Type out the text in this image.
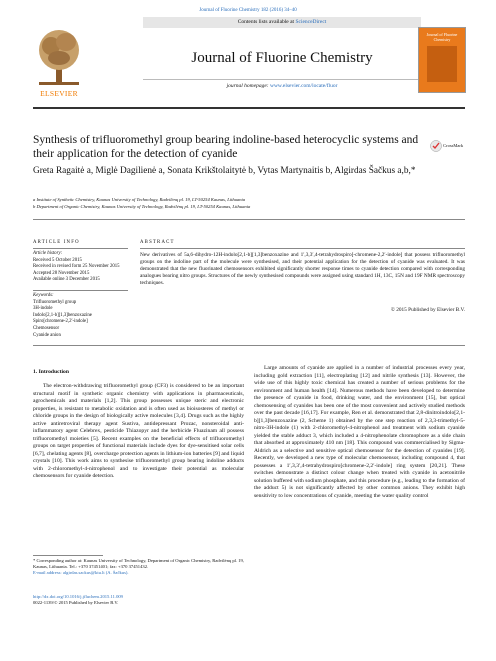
Journal of Fluorine Chemistry 182 (2016) 34–40
ELSEVIER
Contents lists available at ScienceDirect
Journal of Fluorine Chemistry
journal homepage: www.elsevier.com/locate/fluor
Journal of Fluorine Chemistry
Synthesis of trifluoromethyl group bearing indoline-based heterocyclic systems and their application for the detection of cyanide
CrossMark
Greta Ragaitė a, Miglė Dagilienė a, Sonata Krikštolaitytė b, Vytas Martynaitis b, Algirdas Šačkus a,b,*
a Institute of Synthetic Chemistry, Kaunas University of Technology, Radvilėnų pl. 19, LT-50254 Kaunas, Lithuania
b Department of Organic Chemistry, Kaunas University of Technology, Radvilėnų pl. 19, LT-50254 Kaunas, Lithuania
ARTICLE INFO	ABSTRACT
Article history:
Received 5 October 2015
Received in revised form 25 November 2015
Accepted 28 November 2015
Available online 3 December 2015
Keywords:
Trifluoromethyl group
3H-indole
Indolo[2,1-b][1,3]benzoxazine
Spiro[chromene-2,2′-indole]
Chemosensor
Cyanide anion
New derivatives of 5a,6-dihydro-12H-indolo[2,1-b][1,3]benzoxazine and 1′,3,3′,4-tetrahydrospiro[-chromene-2,2′-indole] that possess trifluoromethyl groups on the indoline part of the molecule were synthesised, and their potential application for the detection of cyanide was evaluated. It was demonstrated that the new fluorinated chemosensors exhibited significantly shorter response times to cyanide detection compared with corresponding analogues bearing nitro groups. Structures of the newly synthesised compounds were assigned using standard 1H, 13C, 15N and 19F NMR spectroscopy techniques.
© 2015 Published by Elsevier B.V.
1. Introduction
The electron-withdrawing trifluoromethyl group (CF3) is considered to be an important structural motif in synthetic organic chemistry with applications in pharmaceuticals, agrochemicals and materials [1,2]. This group possesses unique steric and electronic properties, is resistant to metabolic oxidation and is often used as bioisosteres of methyl or chloride groups in the design of biologically active molecules [3,4]. Drugs such as the highly active antiretroviral therapy agent Sustiva, antidepressant Prozac, nonsteroidal anti-inflammatory agent Celebrex, pesticide Thiazopyr and the herbicide Fluazinam all possess trifluoromethyl moieties [5]. Recent examples on the beneficial effects of trifluoromethyl groups on target properties of functional materials include dyes for dye-sensitised solar cells [6,7], chelating agents [8], overcharge protection agents in lithium-ion batteries [9] and liquid crystals [10]. This work aims to synthesise trifluoromethyl group bearing indoline adducts with 2-chloromethyl-4-nitrophenol and to investigate their potential as molecular chemosensors for cyanide detection.
Large amounts of cyanide are applied in a number of industrial processes every year, including gold extraction [11], electroplating [12] and nitrile synthesis [13]. However, the wide use of this highly toxic chemical has created a number of serious problems for the environment and human health [14]. Numerous methods have been developed to determine the presence of cyanide in food, drinking water, and the environment [15], but optical chemosensing of cyanides has been one of the most convenient and actively studied methods over the past decade [16,17]. For example, Ren et al. demonstrated that 2,8-dinitroindolo[2,1-b][1,3]benzoxazine (2, Scheme 1) obtained by the one step reaction of 2,3,3-trimethyl-5-nitro-3H-indole (1) with 2-chloromethyl-4-nitrophenol and treatment with sodium cyanide yielded the stable adduct 3, which included a 4-nitrophenolate chromophore as a side chain that absorbed at approximately 410 nm [18]. This compound was commercialised by Sigma-Aldrich as a selective and sensitive optical chemosensor for the detection of cyanides [19]. Recently, we developed a new type of molecular chemosensor, including compound 4, that possesses a 1′,3,3′,4-tetrahydrospiro[chromene-2,2′-indole] ring system [20,21]. These switches demonstrate a distinct colour change when treated with cyanide in acetonitrile solution buffered with sodium phosphate, and this procedure (e.g., leading to the formation of the adduct 5) is not significantly affected by other common anions. They exhibit high sensitivity to low concentrations of cyanide, meeting the water quality control
* Corresponding author at: Kaunas University of Technology, Department of Organic Chemistry, Radvilėnų pl. 19, Kaunas, Lithuania. Tel.: +370 37451401; fax: +370 37451432.
E-mail address: algirdas.sackus@ktu.lt (A. Šačkus).
http://dx.doi.org/10.1016/j.jfluchem.2015.11.009
0022-1139/© 2015 Published by Elsevier B.V.
